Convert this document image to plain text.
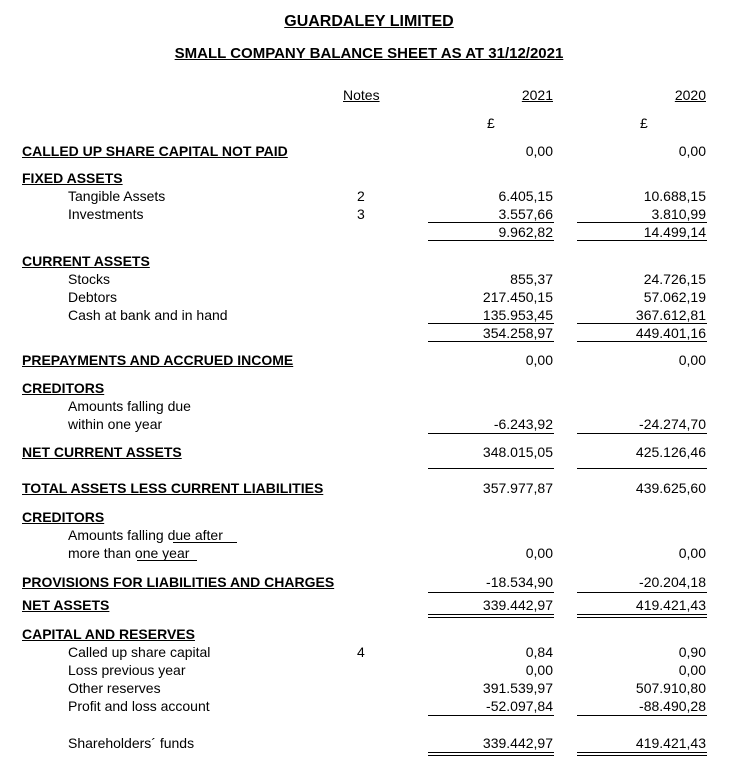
GUARDALEY LIMITED
SMALL COMPANY BALANCE SHEET AS AT 31/12/2021
Notes	2021	2020
£	£
CALLED UP SHARE CAPITAL NOT PAID	0,00	0,00
FIXED ASSETS
Tangible Assets	2	6.405,15	10.688,15
Investments	3	3.557,66	3.810,99
9.962,82	14.499,14
CURRENT ASSETS
Stocks	855,37	24.726,15
Debtors	217.450,15	57.062,19
Cash at bank and in hand	135.953,45	367.612,81
354.258,97	449.401,16
PREPAYMENTS AND ACCRUED INCOME	0,00	0,00
CREDITORS
Amounts falling due
within one year	-6.243,92	-24.274,70
NET CURRENT ASSETS	348.015,05	425.126,46
TOTAL ASSETS LESS CURRENT LIABILITIES	357.977,87	439.625,60
CREDITORS
Amounts falling due after
more than one year	0,00	0,00
PROVISIONS FOR LIABILITIES AND CHARGES	-18.534,90	-20.204,18
NET ASSETS	339.442,97	419.421,43
CAPITAL AND RESERVES
Called up share capital	4	0,84	0,90
Loss previous year	0,00	0,00
Other reserves	391.539,97	507.910,80
Profit and loss account	-52.097,84	-88.490,28
Shareholders´ funds	339.442,97	419.421,43
